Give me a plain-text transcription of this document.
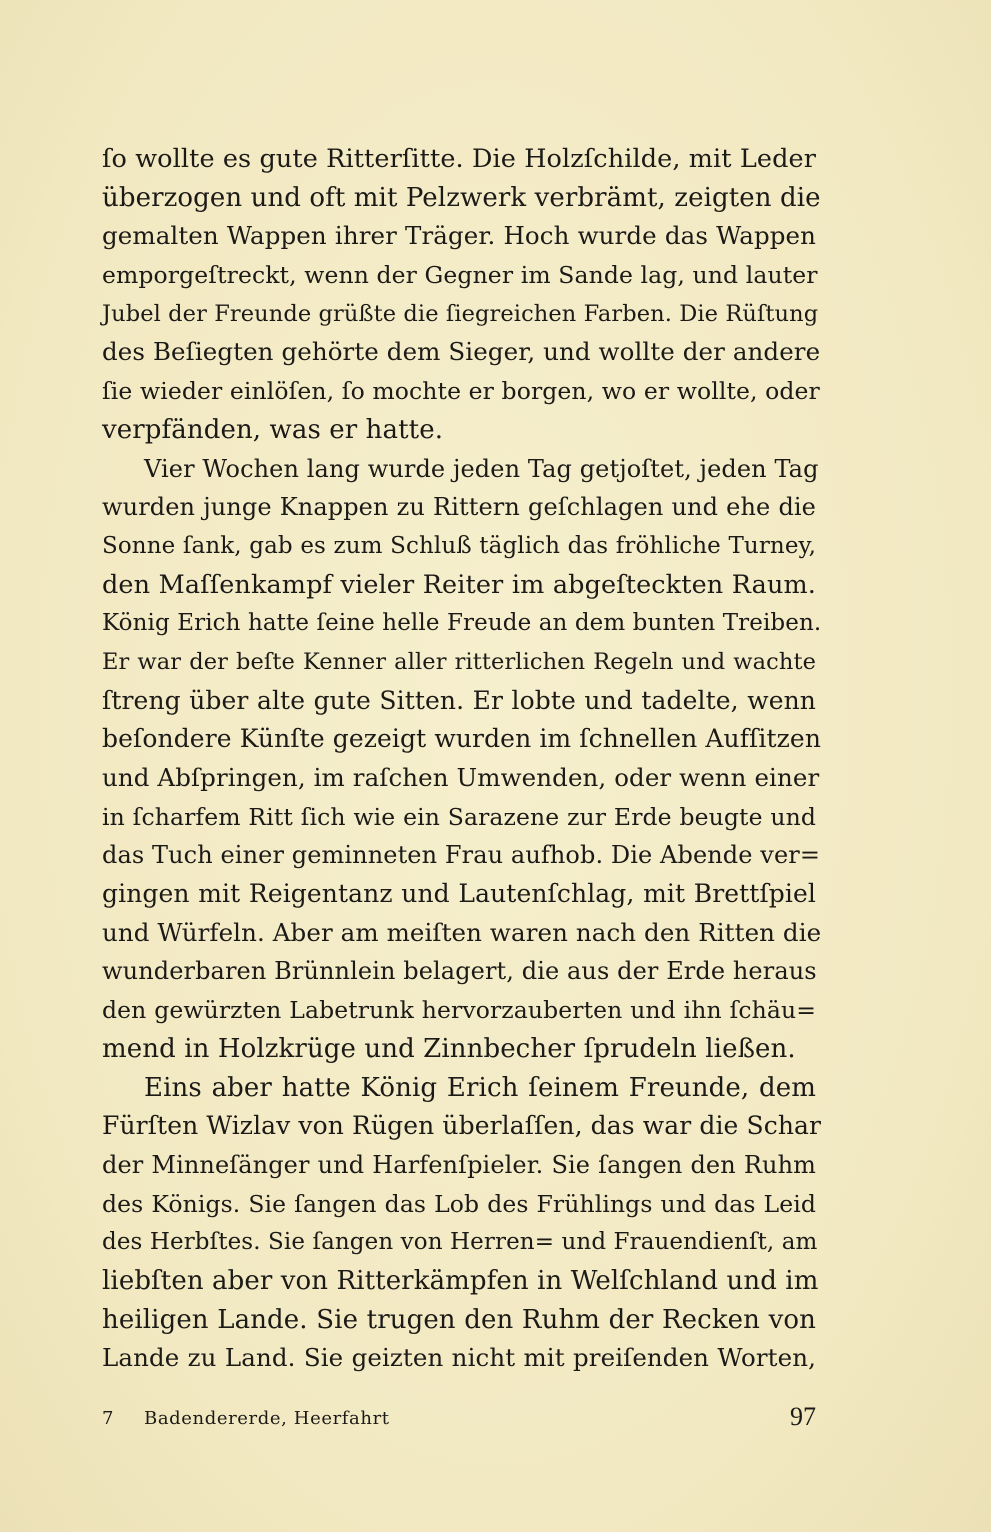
ſo wollte es gute Ritterſitte. Die Holzſchilde, mit Leder
überzogen und oft mit Pelzwerk verbrämt, zeigten die
gemalten Wappen ihrer Träger. Hoch wurde das Wappen
emporgeſtreckt, wenn der Gegner im Sande lag, und lauter
Jubel der Freunde grüßte die ſiegreichen Farben. Die Rüſtung
des Beſiegten gehörte dem Sieger, und wollte der andere
ſie wieder einlöſen, ſo mochte er borgen, wo er wollte, oder
verpfänden, was er hatte.
Vier Wochen lang wurde jeden Tag getjoſtet, jeden Tag
wurden junge Knappen zu Rittern geſchlagen und ehe die
Sonne ſank, gab es zum Schluß täglich das fröhliche Turney,
den Maſſenkampf vieler Reiter im abgeſteckten Raum.
König Erich hatte ſeine helle Freude an dem bunten Treiben.
Er war der beſte Kenner aller ritterlichen Regeln und wachte
ſtreng über alte gute Sitten. Er lobte und tadelte, wenn
beſondere Künſte gezeigt wurden im ſchnellen Aufſitzen
und Abſpringen, im raſchen Umwenden, oder wenn einer
in ſcharfem Ritt ſich wie ein Sarazene zur Erde beugte und
das Tuch einer geminneten Frau aufhob. Die Abende ver=
gingen mit Reigentanz und Lautenſchlag, mit Brettſpiel
und Würfeln. Aber am meiſten waren nach den Ritten die
wunderbaren Brünnlein belagert, die aus der Erde heraus
den gewürzten Labetrunk hervorzauberten und ihn ſchäu=
mend in Holzkrüge und Zinnbecher ſprudeln ließen.
Eins aber hatte König Erich ſeinem Freunde, dem
Fürſten Wizlav von Rügen überlaſſen, das war die Schar
der Minneſänger und Harfenſpieler. Sie ſangen den Ruhm
des Königs. Sie ſangen das Lob des Frühlings und das Leid
des Herbſtes. Sie ſangen von Herren= und Frauendienſt, am
liebſten aber von Ritterkämpfen in Welſchland und im
heiligen Lande. Sie trugen den Ruhm der Recken von
Lande zu Land. Sie geizten nicht mit preiſenden Worten,
7 Badendererde, Heerfahrt	97
